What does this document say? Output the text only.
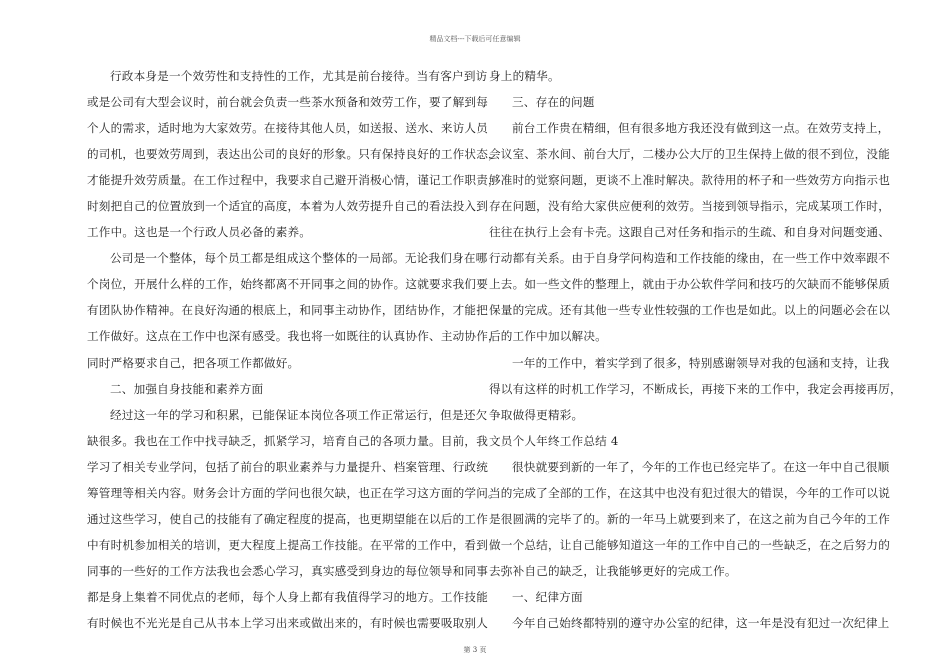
精品文档---下载后可任意编辑
行政本身是一个效劳性和支持性的工作，尤其是前台接待。当有客户到访
或是公司有大型会议时，前台就会负责一些茶水预备和效劳工作，要了解到每
个人的需求，适时地为大家效劳。在接待其他人员，如送报、送水、来访人员
的司机，也要效劳周到，表达出公司的良好的形象。只有保持良好的工作状态，
才能提升效劳质量。在工作过程中，我要求自己避开消极心情，谨记工作职责，
时刻把自己的位置放到一个适宜的高度，本着为人效劳提升自己的看法投入到
工作中。这也是一个行政人员必备的素养。
公司是一个整体，每个员工都是组成这个整体的一局部。无论我们身在哪
个岗位，开展什么样的工作，始终都离不开同事之间的协作。这就要求我们要
有团队协作精神。在良好沟通的根底上，和同事主动协作，团结协作，才能把
工作做好。这点在工作中也深有感受。我也将一如既往的认真协作、主动协作，
同时严格要求自己，把各项工作都做好。
二、加强自身技能和素养方面
经过这一年的学习和积累，已能保证本岗位各项工作正常运行，但是还欠
缺很多。我也在工作中找寻缺乏，抓紧学习，培育自己的各项力量。目前，我
学习了相关专业学问，包括了前台的职业素养与力量提升、档案管理、行政统
筹管理等相关内容。财务会计方面的学问也很欠缺，也正在学习这方面的学问。
通过这些学习，使自己的技能有了确定程度的提高，也更期望能在以后的工作
中有时机参加相关的培训，更大程度上提高工作技能。在平常的工作中，看到
同事的一些好的工作方法我也会悉心学习，真实感受到身边的每位领导和同事
都是身上集着不同优点的老师，每个人身上都有我值得学习的地方。工作技能
有时候也不光光是自己从书本上学习出来或做出来的，有时候也需要吸取别人
身上的精华。
三、存在的问题
前台工作贵在精细，但有很多地方我还没有做到这一点。在效劳支持上，
会议室、茶水间、前台大厅，二楼办公大厅的卫生保持上做的很不到位，没能
够准时的觉察问题，更谈不上准时解决。款待用的杯子和一些效劳方向指示也
存在问题，没有给大家供应便利的效劳。当接到领导指示，完成某项工作时，
往往在执行上会有卡壳。这跟自己对任务和指示的生疏、和自身对问题变通、
行动都有关系。由于自身学问构造和工作技能的缘由，在一些工作中效率跟不
上去。如一些文件的整理上，就由于办公软件学问和技巧的欠缺而不能够保质
保量的完成。还有其他一些专业性较强的工作也是如此。以上的问题必会在以
后的工作中加以解决。
一年的工作中，着实学到了很多，特别感谢领导对我的包涵和支持，让我
得以有这样的时机工作学习，不断成长，再接下来的工作中，我定会再接再厉，
争取做得更精彩。
文员个人年终工作总结 4
很快就要到新的一年了，今年的工作也已经完毕了。在这一年中自己很顺
当的完成了全部的工作，在这其中也没有犯过很大的错误，今年的工作可以说
是很圆满的完毕了的。新的一年马上就要到来了，在这之前为自己今年的工作
做一个总结，让自己能够知道这一年的工作中自己的一些缺乏，在之后努力的
去弥补自己的缺乏，让我能够更好的完成工作。
一、纪律方面
今年自己始终都特别的遵守办公室的纪律，这一年是没有犯过一次纪律上
第 3 页
